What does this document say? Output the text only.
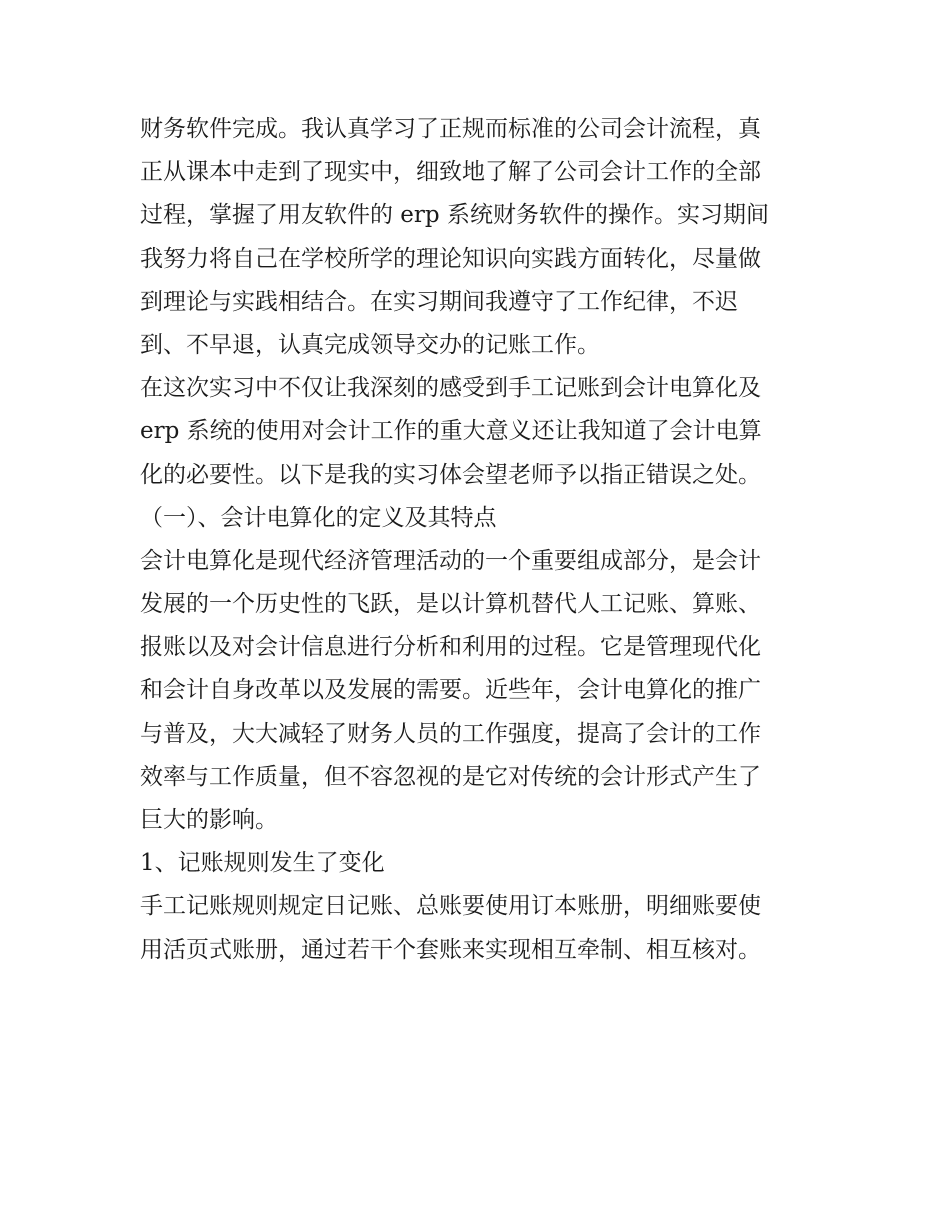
财务软件完成。我认真学习了正规而标准的公司会计流程，真
正从课本中走到了现实中，细致地了解了公司会计工作的全部
过程，掌握了用友软件的 erp 系统财务软件的操作。实习期间
我努力将自己在学校所学的理论知识向实践方面转化，尽量做
到理论与实践相结合。在实习期间我遵守了工作纪律，不迟
到、不早退，认真完成领导交办的记账工作。
在这次实习中不仅让我深刻的感受到手工记账到会计电算化及
erp 系统的使用对会计工作的重大意义还让我知道了会计电算
化的必要性。以下是我的实习体会望老师予以指正错误之处。
（一）、会计电算化的定义及其特点
会计电算化是现代经济管理活动的一个重要组成部分，是会计
发展的一个历史性的飞跃，是以计算机替代人工记账、算账、
报账以及对会计信息进行分析和利用的过程。它是管理现代化
和会计自身改革以及发展的需要。近些年，会计电算化的推广
与普及，大大减轻了财务人员的工作强度，提高了会计的工作
效率与工作质量，但不容忽视的是它对传统的会计形式产生了
巨大的影响。
1、记账规则发生了变化
手工记账规则规定日记账、总账要使用订本账册，明细账要使
用活页式账册，通过若干个套账来实现相互牵制、相互核对。
